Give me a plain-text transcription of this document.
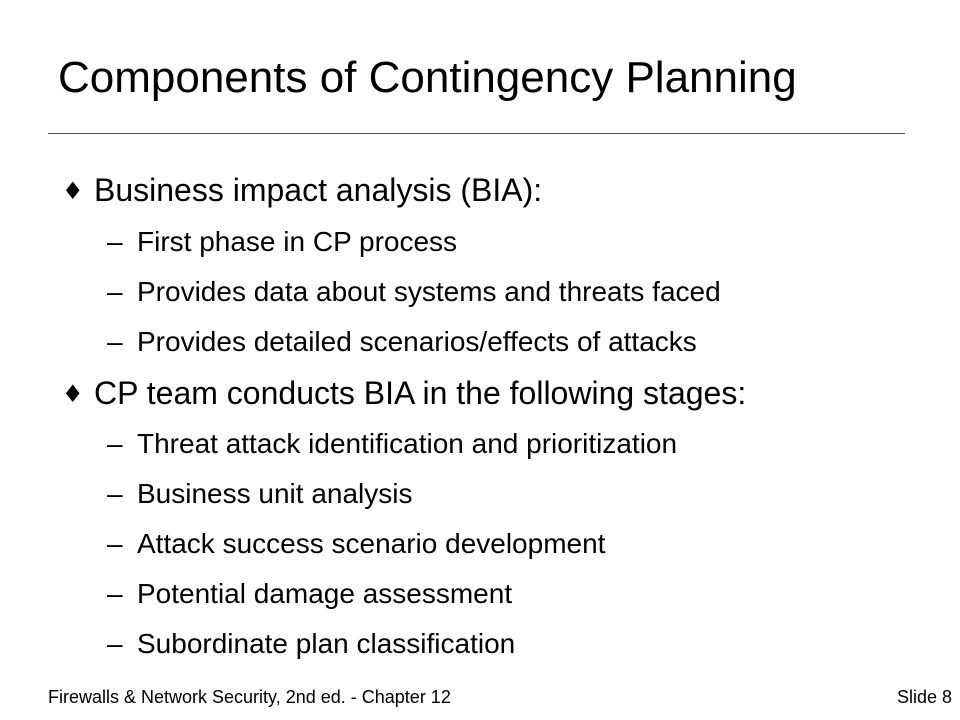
Components of Contingency Planning
♦ Business impact analysis (BIA):
– First phase in CP process
– Provides data about systems and threats faced
– Provides detailed scenarios/effects of attacks
♦ CP team conducts BIA in the following stages:
– Threat attack identification and prioritization
– Business unit analysis
– Attack success scenario development
– Potential damage assessment
– Subordinate plan classification
Firewalls & Network Security, 2nd ed. - Chapter 12	Slide 8
